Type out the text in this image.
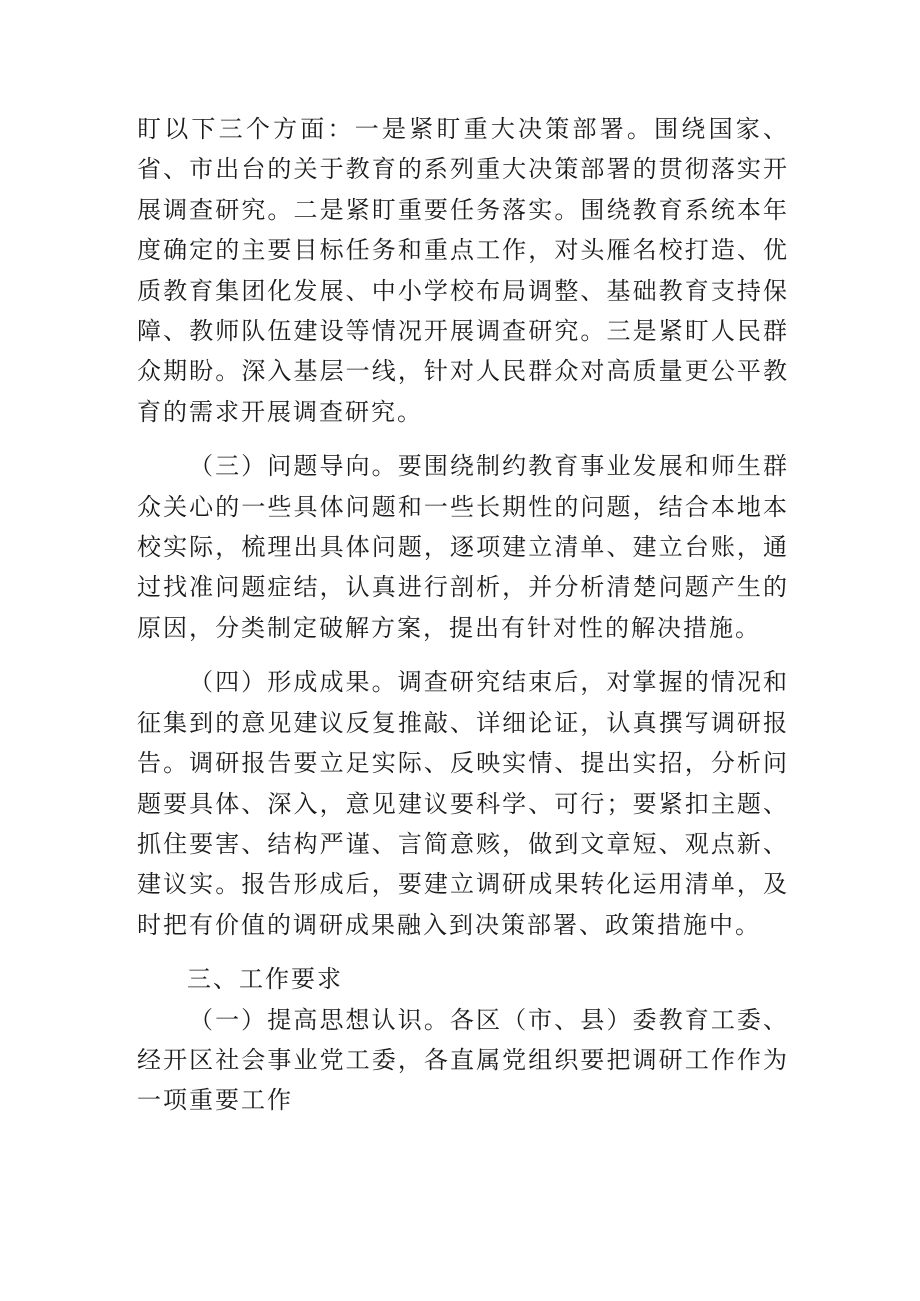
盯以下三个方面：一是紧盯重大决策部署。围绕国家、省、市出台的关于教育的系列重大决策部署的贯彻落实开展调查研究。二是紧盯重要任务落实。围绕教育系统本年度确定的主要目标任务和重点工作，对头雁名校打造、优质教育集团化发展、中小学校布局调整、基础教育支持保障、教师队伍建设等情况开展调查研究。三是紧盯人民群众期盼。深入基层一线，针对人民群众对高质量更公平教育的需求开展调查研究。

（三）问题导向。要围绕制约教育事业发展和师生群众关心的一些具体问题和一些长期性的问题，结合本地本校实际，梳理出具体问题，逐项建立清单、建立台账，通过找准问题症结，认真进行剖析，并分析清楚问题产生的原因，分类制定破解方案，提出有针对性的解决措施。

（四）形成成果。调查研究结束后，对掌握的情况和征集到的意见建议反复推敲、详细论证，认真撰写调研报告。调研报告要立足实际、反映实情、提出实招，分析问题要具体、深入，意见建议要科学、可行；要紧扣主题、抓住要害、结构严谨、言简意赅，做到文章短、观点新、建议实。报告形成后，要建立调研成果转化运用清单，及时把有价值的调研成果融入到决策部署、政策措施中。

三、工作要求

（一）提高思想认识。各区（市、县）委教育工委、经开区社会事业党工委，各直属党组织要把调研工作作为一项重要工作
